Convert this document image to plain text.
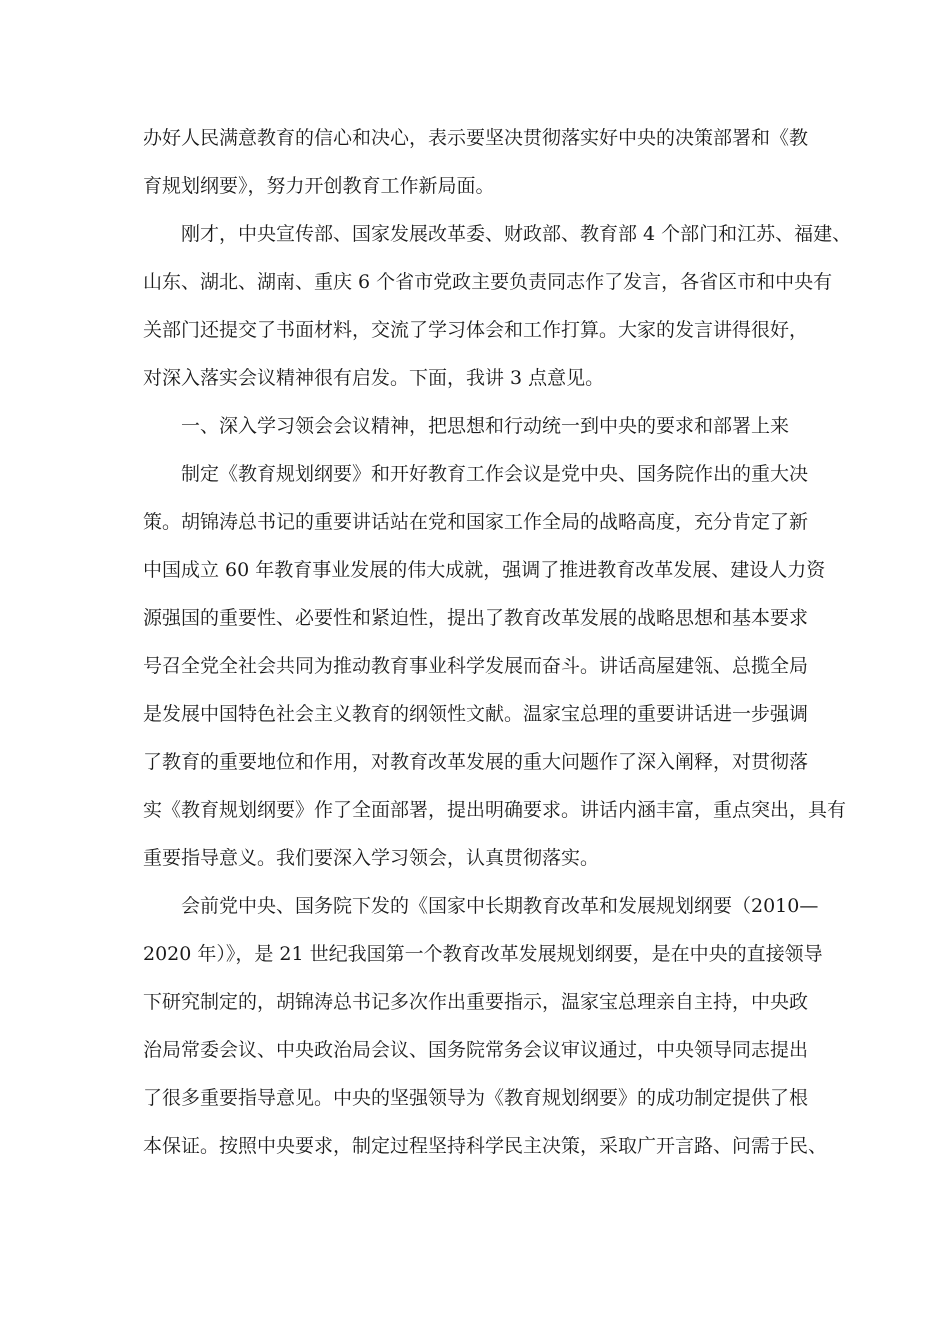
办好人民满意教育的信心和决心，表示要坚决贯彻落实好中央的决策部署和《教
育规划纲要》，努力开创教育工作新局面。
刚才，中央宣传部、国家发展改革委、财政部、教育部 4 个部门和江苏、福建、
山东、湖北、湖南、重庆 6 个省市党政主要负责同志作了发言，各省区市和中央有
关部门还提交了书面材料，交流了学习体会和工作打算。大家的发言讲得很好，
对深入落实会议精神很有启发。下面，我讲 3 点意见。
一、深入学习领会会议精神，把思想和行动统一到中央的要求和部署上来
制定《教育规划纲要》和开好教育工作会议是党中央、国务院作出的重大决
策。胡锦涛总书记的重要讲话站在党和国家工作全局的战略高度，充分肯定了新
中国成立 60 年教育事业发展的伟大成就，强调了推进教育改革发展、建设人力资
源强国的重要性、必要性和紧迫性，提出了教育改革发展的战略思想和基本要求
号召全党全社会共同为推动教育事业科学发展而奋斗。讲话高屋建瓴、总揽全局
是发展中国特色社会主义教育的纲领性文献。温家宝总理的重要讲话进一步强调
了教育的重要地位和作用，对教育改革发展的重大问题作了深入阐释，对贯彻落
实《教育规划纲要》作了全面部署，提出明确要求。讲话内涵丰富，重点突出，具有
重要指导意义。我们要深入学习领会，认真贯彻落实。
会前党中央、国务院下发的《国家中长期教育改革和发展规划纲要（2010—
2020 年）》，是 21 世纪我国第一个教育改革发展规划纲要，是在中央的直接领导
下研究制定的，胡锦涛总书记多次作出重要指示，温家宝总理亲自主持，中央政
治局常委会议、中央政治局会议、国务院常务会议审议通过，中央领导同志提出
了很多重要指导意见。中央的坚强领导为《教育规划纲要》的成功制定提供了根
本保证。按照中央要求，制定过程坚持科学民主决策，采取广开言路、问需于民、
